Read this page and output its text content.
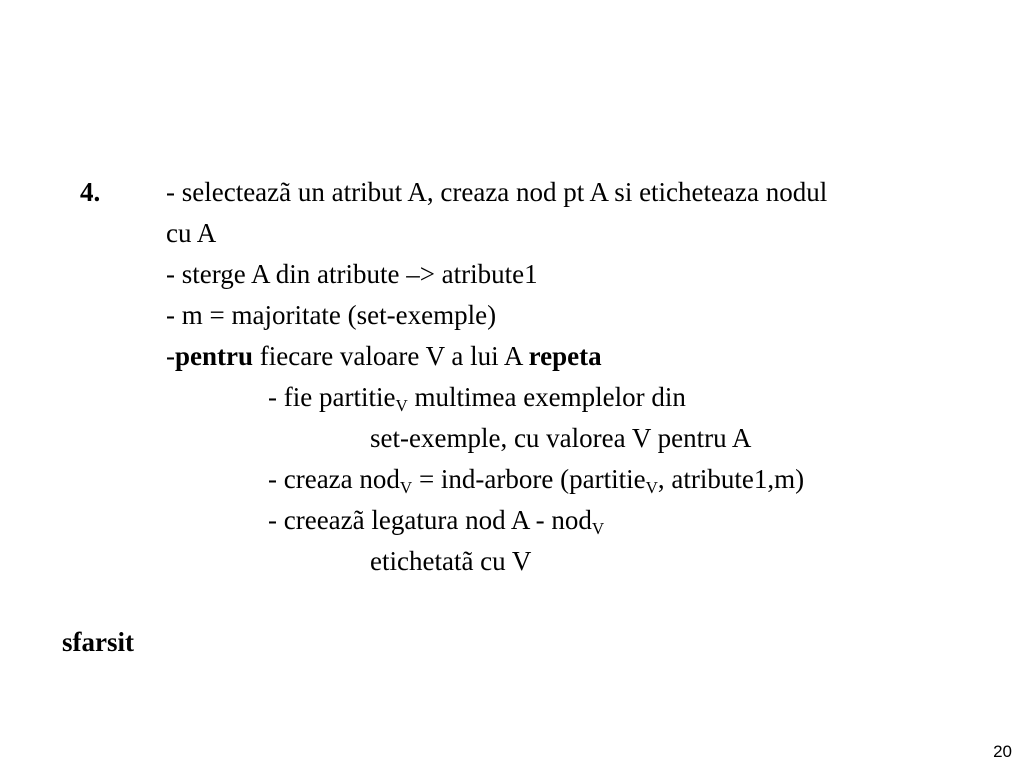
4. - selecteazã un atribut A, creaza nod pt A si eticheteaza nodul
cu A
- sterge A din atribute –> atribute1
- m = majoritate (set-exemple)
-pentru fiecare valoare V a lui A repeta
- fie partitie$_V$ multimea exemplelor din
set-exemple, cu valorea V pentru A
- creaza nod$_V$ = ind-arbore (partitie$_V$, atribute1,m)
- creeazã legatura nod A - nod$_V$
etichetatã cu V
sfarsit
20
